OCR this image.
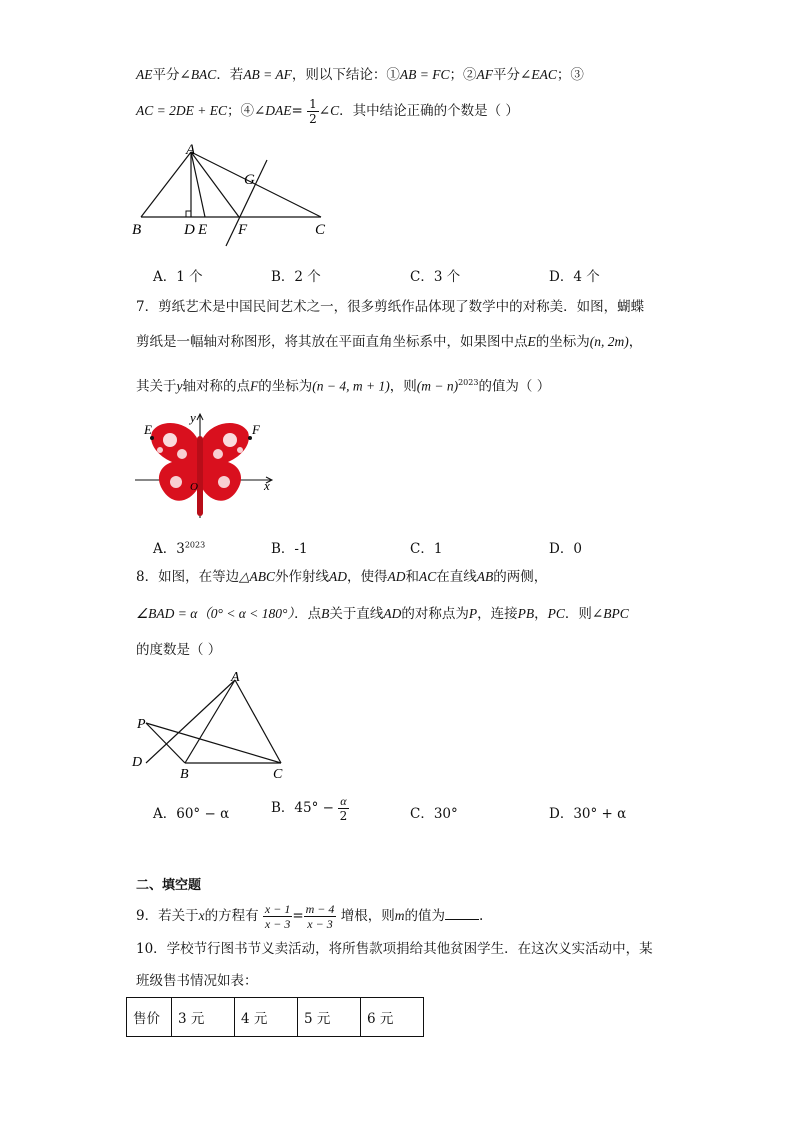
AE平分∠BAC．若AB = AF，则以下结论：①AB = FC；②AF平分∠EAC；③
AC = 2DE + EC；④∠DAE= $\frac{1}{2}$ ∠C．其中结论正确的个数是（ ）
A
G
B	D E F	C
A．1 个	B．2 个	C．3 个	D．4 个
7．剪纸艺术是中国民间艺术之一，很多剪纸作品体现了数学中的对称美．如图，蝴蝶
剪纸是一幅轴对称图形，将其放在平面直角坐标系中，如果图中点E的坐标为(n, 2m)，
其关于y轴对称的点F的坐标为(n − 4, m + 1)，则$(m - n)^{2023}$的值为（ ）
E
y
F
O	x
A．$3^{2023}$	B．-1	C．1	D．0
8．如图，在等边△ABC外作射线AD，使得AD和AC在直线AB的两侧，
∠BAD = α（0° < α < 180°）．点B关于直线AD的对称点为P，连接PB，PC．则∠BPC
的度数是（ ）
A
P
D
B	C
A．60° − α	B．$45^\circ - \frac{\alpha}{2}$	C．30°	D．30° + α
二、填空题
9．若关于x的方程有 $\frac{x - 1}{x - 3} = \frac{m - 4}{x - 3}$ 增根，则m的值为	.
10．学校节行图书节义卖活动，将所售款项捐给其他贫困学生．在这次义实活动中，某
班级售书情况如表：
售价	3 元	4 元	5 元	6 元
